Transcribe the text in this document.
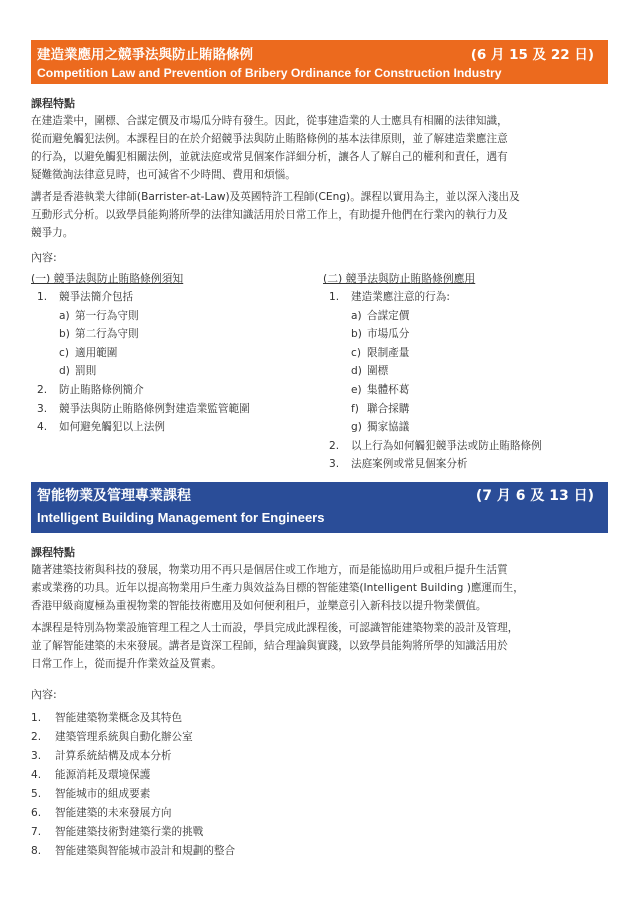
建造業應用之競爭法與防止賄賂條例	(6 月 15 及 22 日)
Competition Law and Prevention of Bribery Ordinance for Construction Industry
課程特點

在建造業中，圍標、合謀定價及市場瓜分時有發生。因此，從事建造業的人士應具有相關的法律知識，
從而避免觸犯法例。本課程目的在於介紹競爭法與防止賄賂條例的基本法律原則，並了解建造業應注意
的行為，以避免觸犯相關法例，並就法庭或常見個案作詳細分析，讓各人了解自己的權利和責任，遇有
疑難徵詢法律意見時，也可減省不少時間、費用和煩惱。

講者是香港執業大律師(Barrister-at-Law)及英國特許工程師(CEng)。課程以實用為主，並以深入淺出及
互動形式分析。以致學員能夠將所學的法律知識活用於日常工作上，有助提升他們在行業內的執行力及
競爭力。

內容:
(一) 競爭法與防止賄賂條例須知
1.	競爭法簡介包括
a) 第一行為守則
b) 第二行為守則
c) 適用範圍
d) 罰則
2.	防止賄賂條例簡介
3.	競爭法與防止賄賂條例對建造業監管範圍
4.	如何避免觸犯以上法例
(二) 競爭法與防止賄賂條例應用
1.	建造業應注意的行為:
a) 合謀定價
b) 市場瓜分
c) 限制產量
d) 圍標
e) 集體杯葛
f) 聯合採購
g) 獨家協議
2.	以上行為如何觸犯競爭法或防止賄賂條例
3.	法庭案例或常見個案分析
智能物業及管理專業課程	(7 月 6 及 13 日)
Intelligent Building Management for Engineers
課程特點

隨著建築技術與科技的發展，物業功用不再只是個居住或工作地方，而是能協助用戶或租戶提升生活質
素或業務的功具。近年以提高物業用戶生產力與效益為目標的智能建築(Intelligent Building )應運而生，
香港甲級商廈極為重視物業的智能技術應用及如何便利租戶，並樂意引入新科技以提升物業價值。

本課程是特別為物業設施管理工程之人士而設，學員完成此課程後，可認識智能建築物業的設計及管理，
並了解智能建築的未來發展。講者是資深工程師，結合理論與實踐，以致學員能夠將所學的知識活用於
日常工作上，從而提升作業效益及質素。

內容:
1.	智能建築物業概念及其特色
2.	建築管理系統與自動化辦公室
3.	計算系統結構及成本分析
4.	能源消耗及環境保護
5.	智能城市的組成要素
6.	智能建築的未來發展方向
7.	智能建築技術對建築行業的挑戰
8.	智能建築與智能城市設計和規劃的整合
